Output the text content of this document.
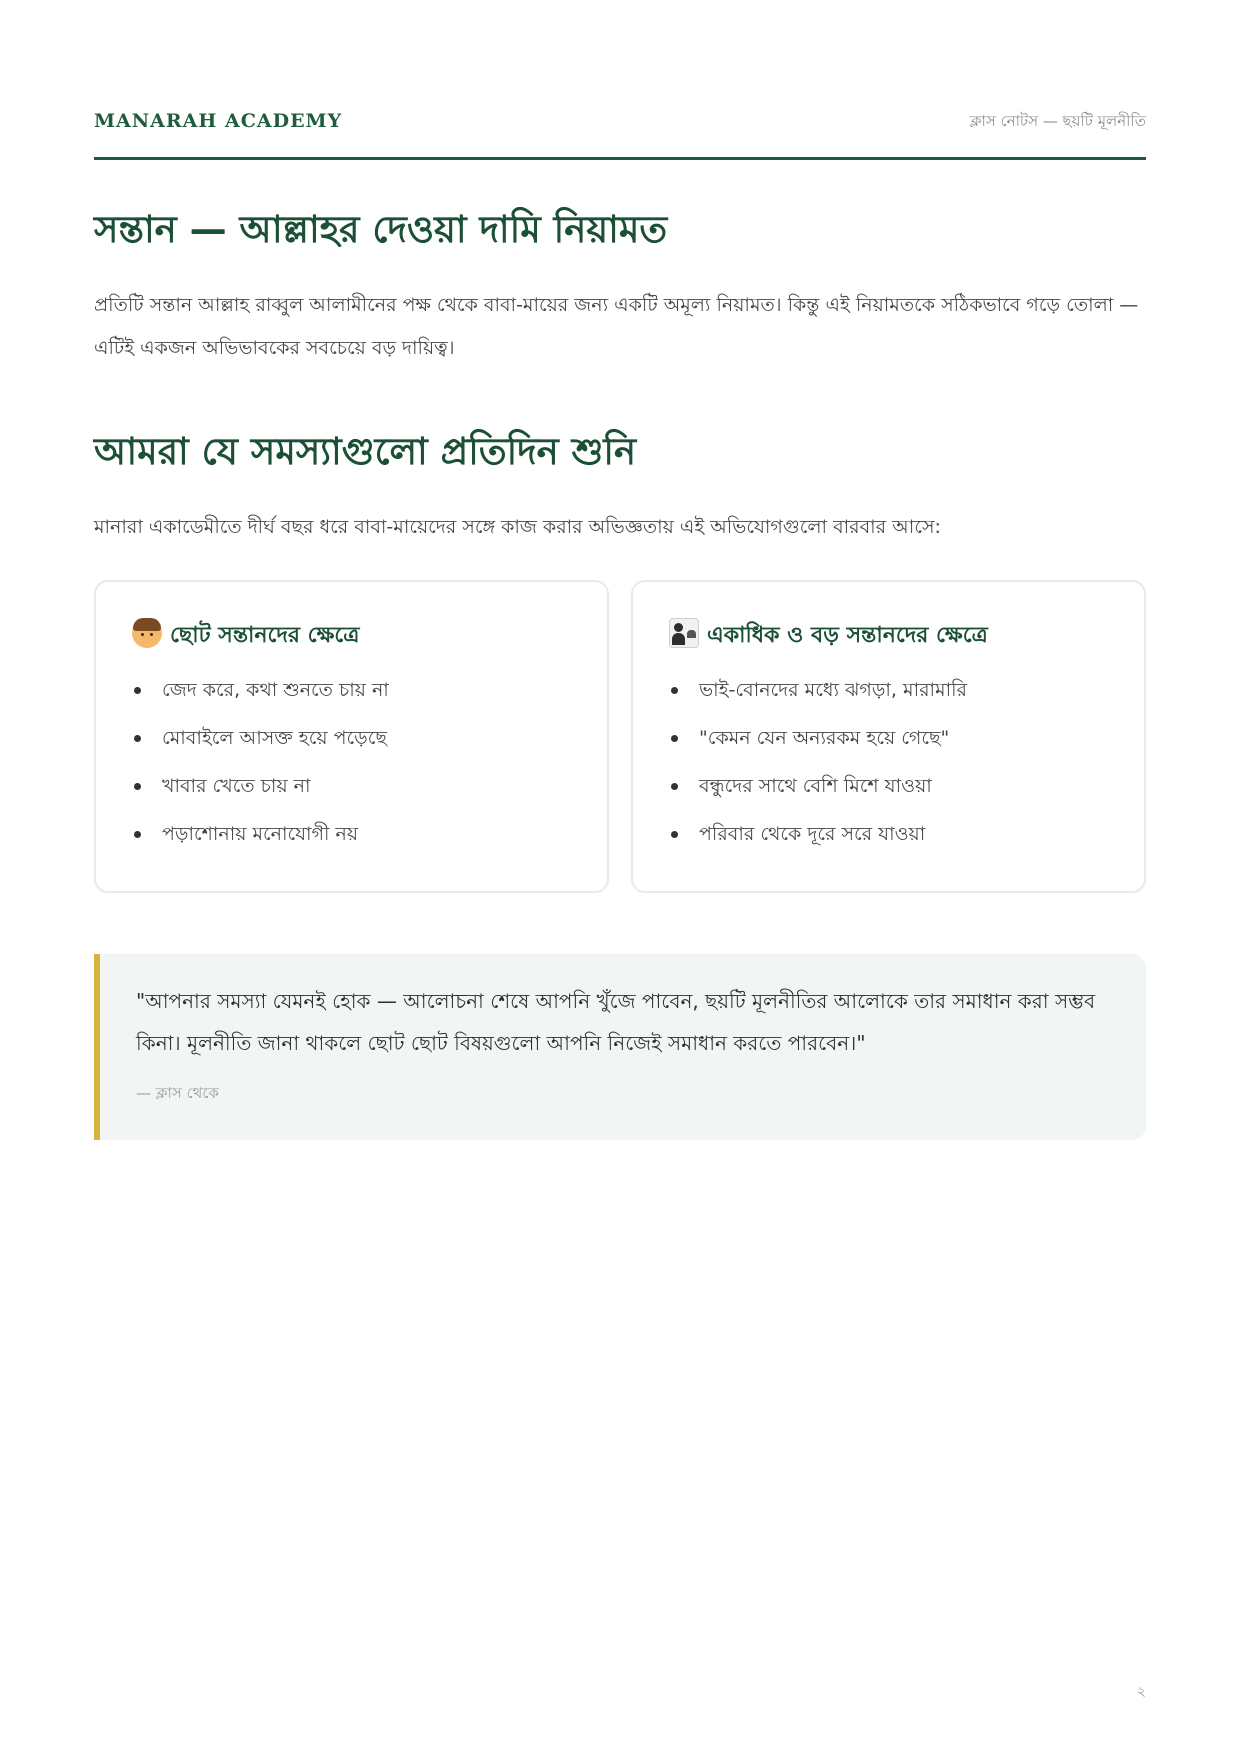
MANARAH ACADEMY	ক্লাস নোটস — ছয়টি মূলনীতি
সন্তান — আল্লাহর দেওয়া দামি নিয়ামত

প্রতিটি সন্তান আল্লাহ রাব্বুল আলামীনের পক্ষ থেকে বাবা-মায়ের জন্য একটি অমূল্য নিয়ামত। কিন্তু এই নিয়ামতকে সঠিকভাবে গড়ে তোলা — এটিই একজন অভিভাবকের সবচেয়ে বড় দায়িত্ব।

আমরা যে সমস্যাগুলো প্রতিদিন শুনি

মানারা একাডেমীতে দীর্ঘ বছর ধরে বাবা-মায়েদের সঙ্গে কাজ করার অভিজ্ঞতায় এই অভিযোগগুলো বারবার আসে:

ছোট সন্তানদের ক্ষেত্রে
জেদ করে, কথা শুনতে চায় না
মোবাইলে আসক্ত হয়ে পড়েছে
খাবার খেতে চায় না
পড়াশোনায় মনোযোগী নয়
একাধিক ও বড় সন্তানদের ক্ষেত্রে
ভাই-বোনদের মধ্যে ঝগড়া, মারামারি
"কেমন যেন অন্যরকম হয়ে গেছে"
বন্ধুদের সাথে বেশি মিশে যাওয়া
পরিবার থেকে দূরে সরে যাওয়া

"আপনার সমস্যা যেমনই হোক — আলোচনা শেষে আপনি খুঁজে পাবেন, ছয়টি মূলনীতির আলোকে তার সমাধান করা সম্ভব কিনা। মূলনীতি জানা থাকলে ছোট ছোট বিষয়গুলো আপনি নিজেই সমাধান করতে পারবেন।"

— ক্লাস থেকে
২
